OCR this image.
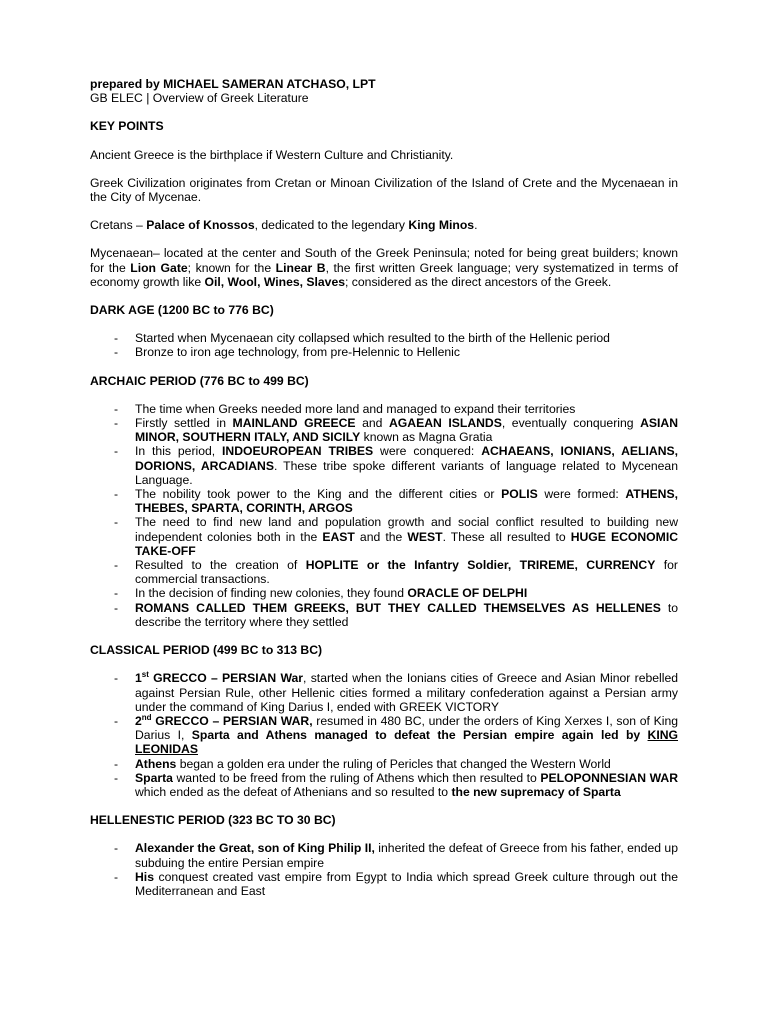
prepared by MICHAEL SAMERAN ATCHASO, LPT

GB ELEC | Overview of Greek Literature

KEY POINTS

Ancient Greece is the birthplace if Western Culture and Christianity.

Greek Civilization originates from Cretan or Minoan Civilization of the Island of Crete and the Mycenaean in the City of Mycenae.

Cretans – Palace of Knossos, dedicated to the legendary King Minos.

Mycenaean– located at the center and South of the Greek Peninsula; noted for being great builders; known for the Lion Gate; known for the Linear B, the first written Greek language; very systematized in terms of economy growth like Oil, Wool, Wines, Slaves; considered as the direct ancestors of the Greek.

DARK AGE (1200 BC to 776 BC)

- Started when Mycenaean city collapsed which resulted to the birth of the Hellenic period
- Bronze to iron age technology, from pre-Helennic to Hellenic

ARCHAIC PERIOD (776 BC to 499 BC)

- The time when Greeks needed more land and managed to expand their territories
- Firstly settled in MAINLAND GREECE and AGAEAN ISLANDS, eventually conquering ASIAN MINOR, SOUTHERN ITALY, AND SICILY known as Magna Gratia
- In this period, INDOEUROPEAN TRIBES were conquered: ACHAEANS, IONIANS, AELIANS, DORIONS, ARCADIANS. These tribe spoke different variants of language related to Mycenean Language.
- The nobility took power to the King and the different cities or POLIS were formed: ATHENS, THEBES, SPARTA, CORINTH, ARGOS
- The need to find new land and population growth and social conflict resulted to building new independent colonies both in the EAST and the WEST. These all resulted to HUGE ECONOMIC TAKE-OFF
- Resulted to the creation of HOPLITE or the Infantry Soldier, TRIREME, CURRENCY for commercial transactions.
- In the decision of finding new colonies, they found ORACLE OF DELPHI
- ROMANS CALLED THEM GREEKS, BUT THEY CALLED THEMSELVES AS HELLENES to describe the territory where they settled

CLASSICAL PERIOD (499 BC to 313 BC)

- 1st GRECCO – PERSIAN War, started when the Ionians cities of Greece and Asian Minor rebelled against Persian Rule, other Hellenic cities formed a military confederation against a Persian army under the command of King Darius I, ended with GREEK VICTORY
- 2nd GRECCO – PERSIAN WAR, resumed in 480 BC, under the orders of King Xerxes I, son of King Darius I, Sparta and Athens managed to defeat the Persian empire again led by KING LEONIDAS
- Athens began a golden era under the ruling of Pericles that changed the Western World
- Sparta wanted to be freed from the ruling of Athens which then resulted to PELOPONNESIAN WAR which ended as the defeat of Athenians and so resulted to the new supremacy of Sparta

HELLENESTIC PERIOD (323 BC TO 30 BC)

- Alexander the Great, son of King Philip II, inherited the defeat of Greece from his father, ended up subduing the entire Persian empire
- His conquest created vast empire from Egypt to India which spread Greek culture through out the Mediterranean and East
